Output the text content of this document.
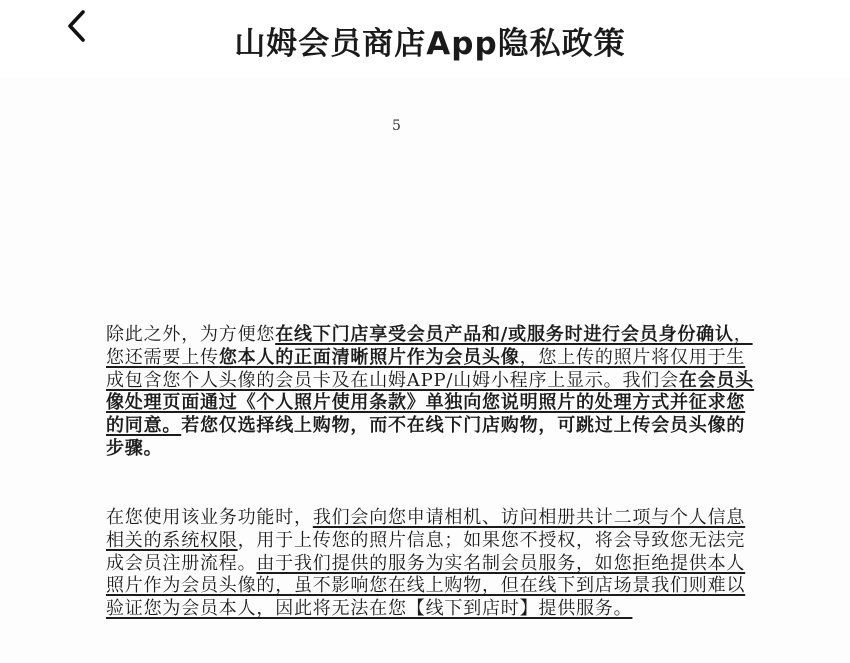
山姆会员商店App隐私政策
5
除此之外，为方便您在线下门店享受会员产品和/或服务时进行会员身份确认，您还需要上传您本人的正面清晰照片作为会员头像，您上传的照片将仅用于生成包含您个人头像的会员卡及在山姆APP/山姆小程序上显示。我们会在会员头像处理页面通过《个人照片使用条款》单独向您说明照片的处理方式并征求您的同意。若您仅选择线上购物，而不在线下门店购物，可跳过上传会员头像的步骤。
在您使用该业务功能时，我们会向您申请相机、访问相册共计二项与个人信息相关的系统权限，用于上传您的照片信息；如果您不授权，将会导致您无法完成会员注册流程。由于我们提供的服务为实名制会员服务，如您拒绝提供本人照片作为会员头像的，虽不影响您在线上购物，但在线下到店场景我们则难以验证您为会员本人，因此将无法在您【线下到店时】提供服务。
